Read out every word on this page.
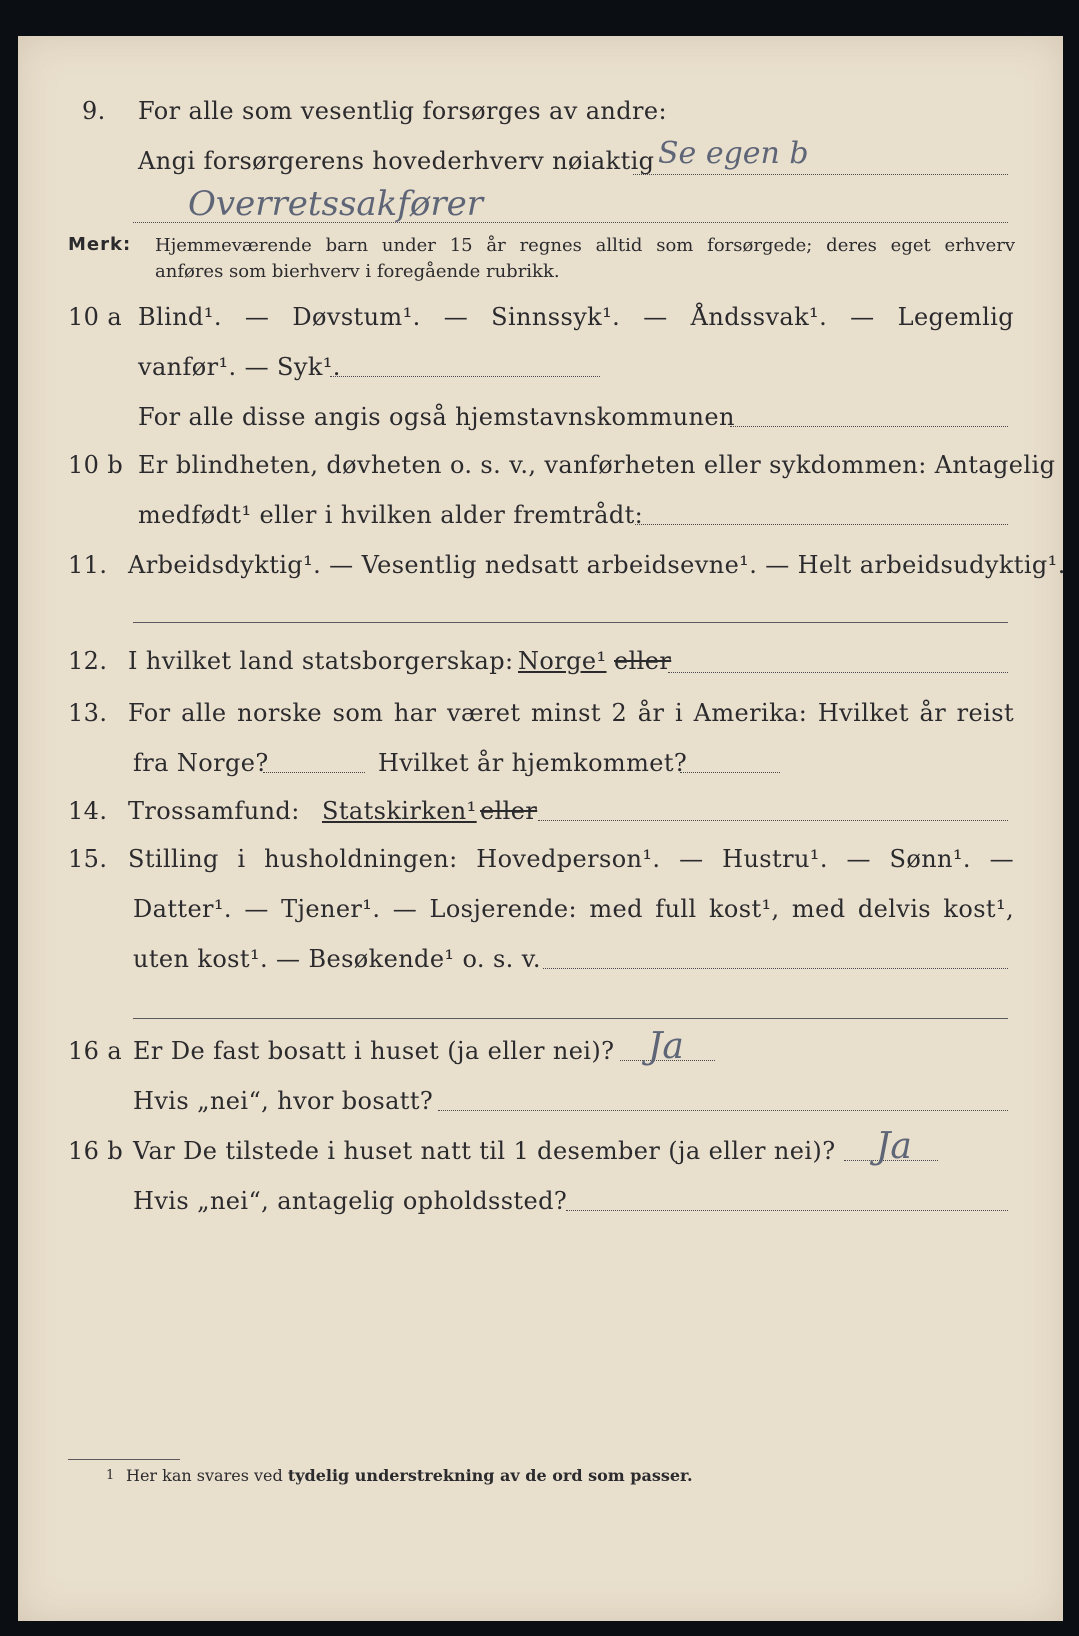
9. For alle som vesentlig forsørges av andre:
Angi forsørgerens hovederhverv nøiaktig Se egen b
Overretssakfører
Merk: Hjemmeværende barn under 15 år regnes alltid som forsørgede; deres eget erhverv
anføres som bierhverv i foregående rubrikk.
10 a Blind¹. — Døvstum¹. — Sinnssyk¹. — Åndssvak¹. — Legemlig
vanfør¹. — Syk¹.
For alle disse angis også hjemstavnskommunen
10 b Er blindheten, døvheten o. s. v., vanførheten eller sykdommen: Antagelig
medfødt¹ eller i hvilken alder fremtrådt:
11. Arbeidsdyktig¹. — Vesentlig nedsatt arbeidsevne¹. — Helt arbeidsudyktig¹.
12. I hvilket land statsborgerskap: Norge¹ eller
13. For alle norske som har været minst 2 år i Amerika: Hvilket år reist
fra Norge?	Hvilket år hjemkommet?
14. Trossamfund: Statskirken¹ eller
15. Stilling i husholdningen: Hovedperson¹. — Hustru¹. — Sønn¹. —
Datter¹. — Tjener¹. — Losjerende: med full kost¹, med delvis kost¹,
uten kost¹. — Besøkende¹ o. s. v.
16 a Er De fast bosatt i huset (ja eller nei)? Ja
Hvis „nei“, hvor bosatt?
16 b Var De tilstede i huset natt til 1 desember (ja eller nei)? Ja
Hvis „nei“, antagelig opholdssted?
1 Her kan svares ved tydelig understrekning av de ord som passer.
